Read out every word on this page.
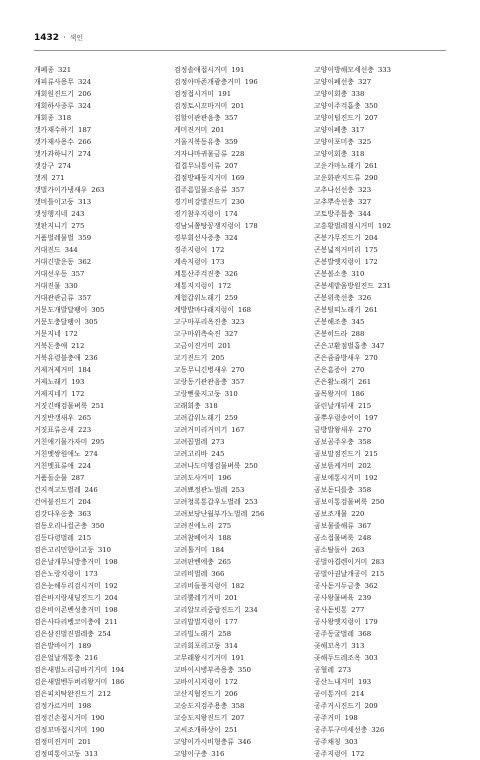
1432 · 색인
개폐종 321
개피류사용무 324
개회원진드기 206
개회하사종루 324
개회종 318
갯가재수하기 187
갯가재사용수 266
갯가과하니기 274
갯강구 274
갯게 271
갯벌가이가냉새우 263
갯비틀이고둥 313
갯성행지네 243
갯판지니기 275
거품벌레물벌 359
거대진드 344
거대긴발운동 362
거대선우동 357
거대진물 330
거대관관금류 357
거문도개발달팽이 305
거문도충달팽이 305
거문지네 172
거북돈충애 212
거북유령불충애 236
거제거제거미 184
거제노래기 193
거제지네기 172
거짓긴배검물벼룩 251
거짓반갱새우 265
거짓표류옹새 223
거친애기물가자미 295
거친멧쌍원애노 274
거친멧표류애 224
거품돌순물 287
건지적고도벌레 246
건여불진드기 204
검갓다우옹충 363
검동오리나컬곤충 350
검등다령벌레 215
검은고리민향이고둥 310
검은날개무늬방충거미 198
검은노랑지렁이 173
검은눈해두리검시거미 192
검은바지랑새딩진드기 204
검은비이콘벤성충거미 198
검은사다리벵코이충에 211
검은삼진벌진벌레충 254
검은발바이기 189
검은얼날개통충 216
검은새벌노리금바기거미 194
검은새벌벤두버리왕거미 186
검은피치탁완진드기 212
검정가르거미 198
검정긴손접시거미 190
검정꼬마접시거미 190
검정미진거미 201
검정띠통이고둥 313
검정솔애접시거미 191
검정아마존개괌충거미 196
검정접시거미 191
검정토시꼬마거미 201
검할이관관음충 357
게미진거미 201
겨울지복동유충 359
겨자나마귀물금류 228
겹겹무늬통이류 207
겹점방패둥지거미 169
겹주름밀물조음류 357
경기비강별진드기 230
경기참우지렁이 174
경남뇌쫌탕꽁쟁지렁이 178
경부회선사증충 324
경주지렁이 172
계속지렁이 173
계통산주걱진충 326
계통지지렁이 172
계험갑위노래기 259
계방밥마다래지렁이 168
고구마푸리옥진충 323
고구마위측숙진 327
고금이진거미 201
고기진드기 205
고동무니긴병새우 270
고랑동기관관음충 357
고랑뻗룰지고둥 310
고래회충 318
고려갑위노래기 259
고려거미리거미기 167
고려꼽벌레 273
고려고리바 245
고려나도미행검물벼룩 250
고려도사거미 196
고려뾰정관노벌레 253
고려청록통갑우노벌레 253
고려보당난월부가노벌레 256
고려진에노리 275
고려참베어지 188
고려톨거미 184
고려판벤에충 265
고리비벌레 366
고리비들풍지렁이 182
고리뿔레기거미 201
고리알모리중랍진드기 234
고리말벌지렁이 177
고리빌노래기 258
고리회포리고둥 314
고무래왕시기거미 191
고바이시병부즉용충 350
고바이시지렁이 172
고산지협진드기 206
고승도지검주용충 358
고승도지왕진드기 207
고씨조개하상이 251
고양이가시비형충류 346
고양이구충 316
고양이방해모세선충 333
고양이폐선충 327
고양이회충 338
고양이주걱흡충 350
고양이털진드기 207
고양이폐충 317
고양이포미충 325
고양이회충 318
고운가마노래기 261
고운화관지드류 290
고추나선선충 323
고추뿌속선충 327
고토방주톱충 344
고흥황벌레점시거미 192
곤봉가무진드기 204
곤봉넓적거미리 175
곤봉발옛지렁이 172
곤봉볼소충 310
곤봉세밭움방원진드 231
곤봉위축선충 326
곤봉털띠노래기 261
곤봉해조충 345
곤봉히드라 288
곤은고환점벌흡충 347
곤은쥼쥼방새우 270
곤은흠증아 270
곤은활노래기 261
골목왕거미 186
골린날개뒤새 215
골뿌우렁송어이 197
금방발왕새우 270
곰보곰주우충 358
곰보말점진드기 215
곰보뜸케거미 202
곰보에통시거미 192
곰보돋디를충 358
곰보이통검물벼룩 250
곰보조개물 220
곰보물줄해류 367
곰소접물벼룩 248
곰소탈돌아 263
공벌아겹렌이거미 283
공벌아권날개공이 215
공사돋거두금충 362
공사왕물벼육 239
공사돋빗통 277
공사왕옛지렁이 179
공주동굴벌레 368
곶해꼬옥기 313
곶해두드레조옥 303
공혈레 273
공산느내거미 193
공이통거미 214
공주거시진드기 209
공주거미 198
공주투구미세선충 326
공주채칭 303
공주지렁이 172
